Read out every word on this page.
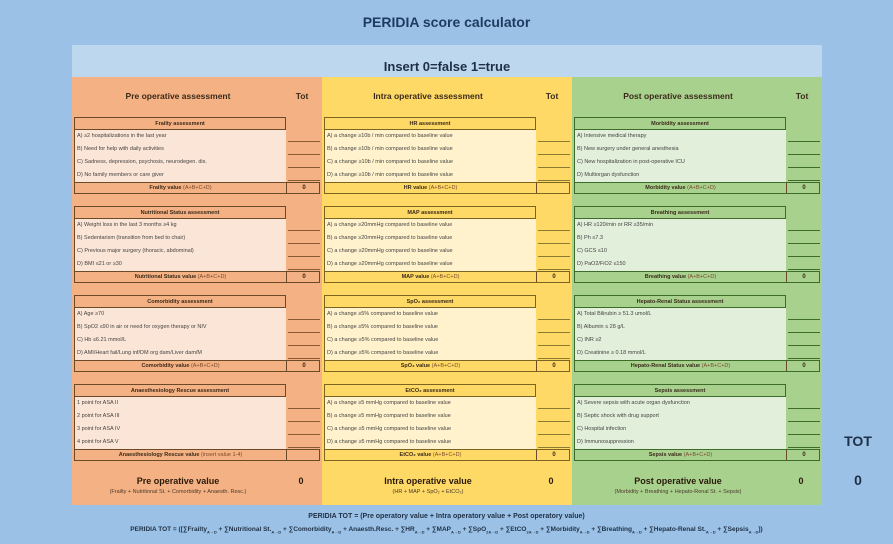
PERIDIA score calculator
Insert 0=false 1=true
Pre operative assessment	Tot
Frailty assessment
A) ≥2 hospitalizations in the last year
B) Need for help with daily activities
C) Sadness, depression, psychosis, neurodegen. dis.
D) No family members or care giver
Frailty value (A+B+C+D)	0
Nutritional Status assessment
A) Weight loss in the last 3 months ≥4 kg
B) Sedentarism (transition from bed to chair)
C) Previous major surgery (thoracic, abdominal)
D) BMI ≤21 or ≥30
Nutritional Status value (A+B+C+D)	0
Comorbidity assessment
A) Age ≥70
B) SpO2 ≤90 in air or need for oxygen therapy or NIV
C) Hb ≤6.21 mmol/L
D) AMI/Heart fail/Lung inf/DM org dam/Liver dam/M
Comorbidity value (A+B+C+D)	0
Anaesthesiology Rescue assessment
1 point for ASA II
2 point for ASA III
3 point for ASA IV
4 point for ASA V
Anaesthesiology Rescue value (insert value 1-4)
Pre operative value
(Frailty + Nutritional St. + Comorbidity + Anaesth. Resc.)
0
Intra operative assessment	Tot
HR assessment
A) a change ≥10b / min compared to baseline value
B) a change ≥10b / min compared to baseline value
C) a change ≥10b / min compared to baseline value
D) a change ≥10b / min compared to baseline value
HR value (A+B+C+D)
MAP assessment
A) a change ≥20mmHg compared to baseline value
B) a change ≥20mmHg compared to baseline value
C) a change ≥20mmHg compared to baseline value
D) a change ≥20mmHg compared to baseline value
MAP value (A+B+C+D)	0
SpO₂ assessment
A) a change ≥5% compared to baseline value
B) a change ≥5% compared to baseline value
C) a change ≥5% compared to baseline value
D) a change ≥5% compared to baseline value
SpO₂ value (A+B+C+D)	0
EtCO₂ assessment
A) a change ≥5 mmHg compared to baseline value
B) a change ≥5 mmHg compared to baseline value
C) a change ≥5 mmHg compared to baseline value
D) a change ≥5 mmHg compared to baseline value
EtCO₂ value (A+B+C+D)	0
Intra operative value
(HR + MAP + SpO₂ + EtCO₂)
0
Post operative assessment	Tot
Morbidity assessment
A) Intensive medical therapy
B) New surgery under general anesthesia
C) New hospitalization in post-operative ICU
D) Multiorgan dysfunction
Morbidity value (A+B+C+D)	0
Breathing assessment
A) HR ≥120/min or RR ≥35/min
B) Ph ≤7.3
C) GCS ≤10
D) PaO2/FiO2 ≤150
Breathing value (A+B+C+D)	0
Hepato-Renal Status assessment
A) Total Bilirubin ≥ 51.3 umol/L
B) Albumin ≤ 28 g/L
C) INR ≥2
D) Creatinine ≥ 0.18 mmol/L
Hepato-Renal Status value (A+B+C+D)	0
Sepsis assessment
A) Severe sepsis with acute organ dysfunction
B) Septic shock with drug support
C) Hospital infection
D) Immunosuppression
Sepsis value (A+B+C+D)	0
Post operative value
(Morbidity + Breathing + Hepato-Renal St. + Sepsis)
0
TOT
0
PERIDIA TOT = (Pre operatory value + Intra operatory value + Post operatory value)
PERIDIA TOT = ([∑Frailty$_{A\to D}$ + ∑Nutritional $St._{A\to D}$ + ∑Comorbidity$_{A\to D}$ + Anaesth.Resc. + $\sum HR_{A\to D} + \sum MAP_{A\to D} + \sum SpO_{2A\to D}$ + ∑EtCO$_{2A\to D}$ + ∑Morbidity$_{A\to D}$ + ∑Breathing$_{A\to D}$ + ∑Hepato-Renal $St._{A\to D}$ + ∑Sepsis$_{A\to D}$])
